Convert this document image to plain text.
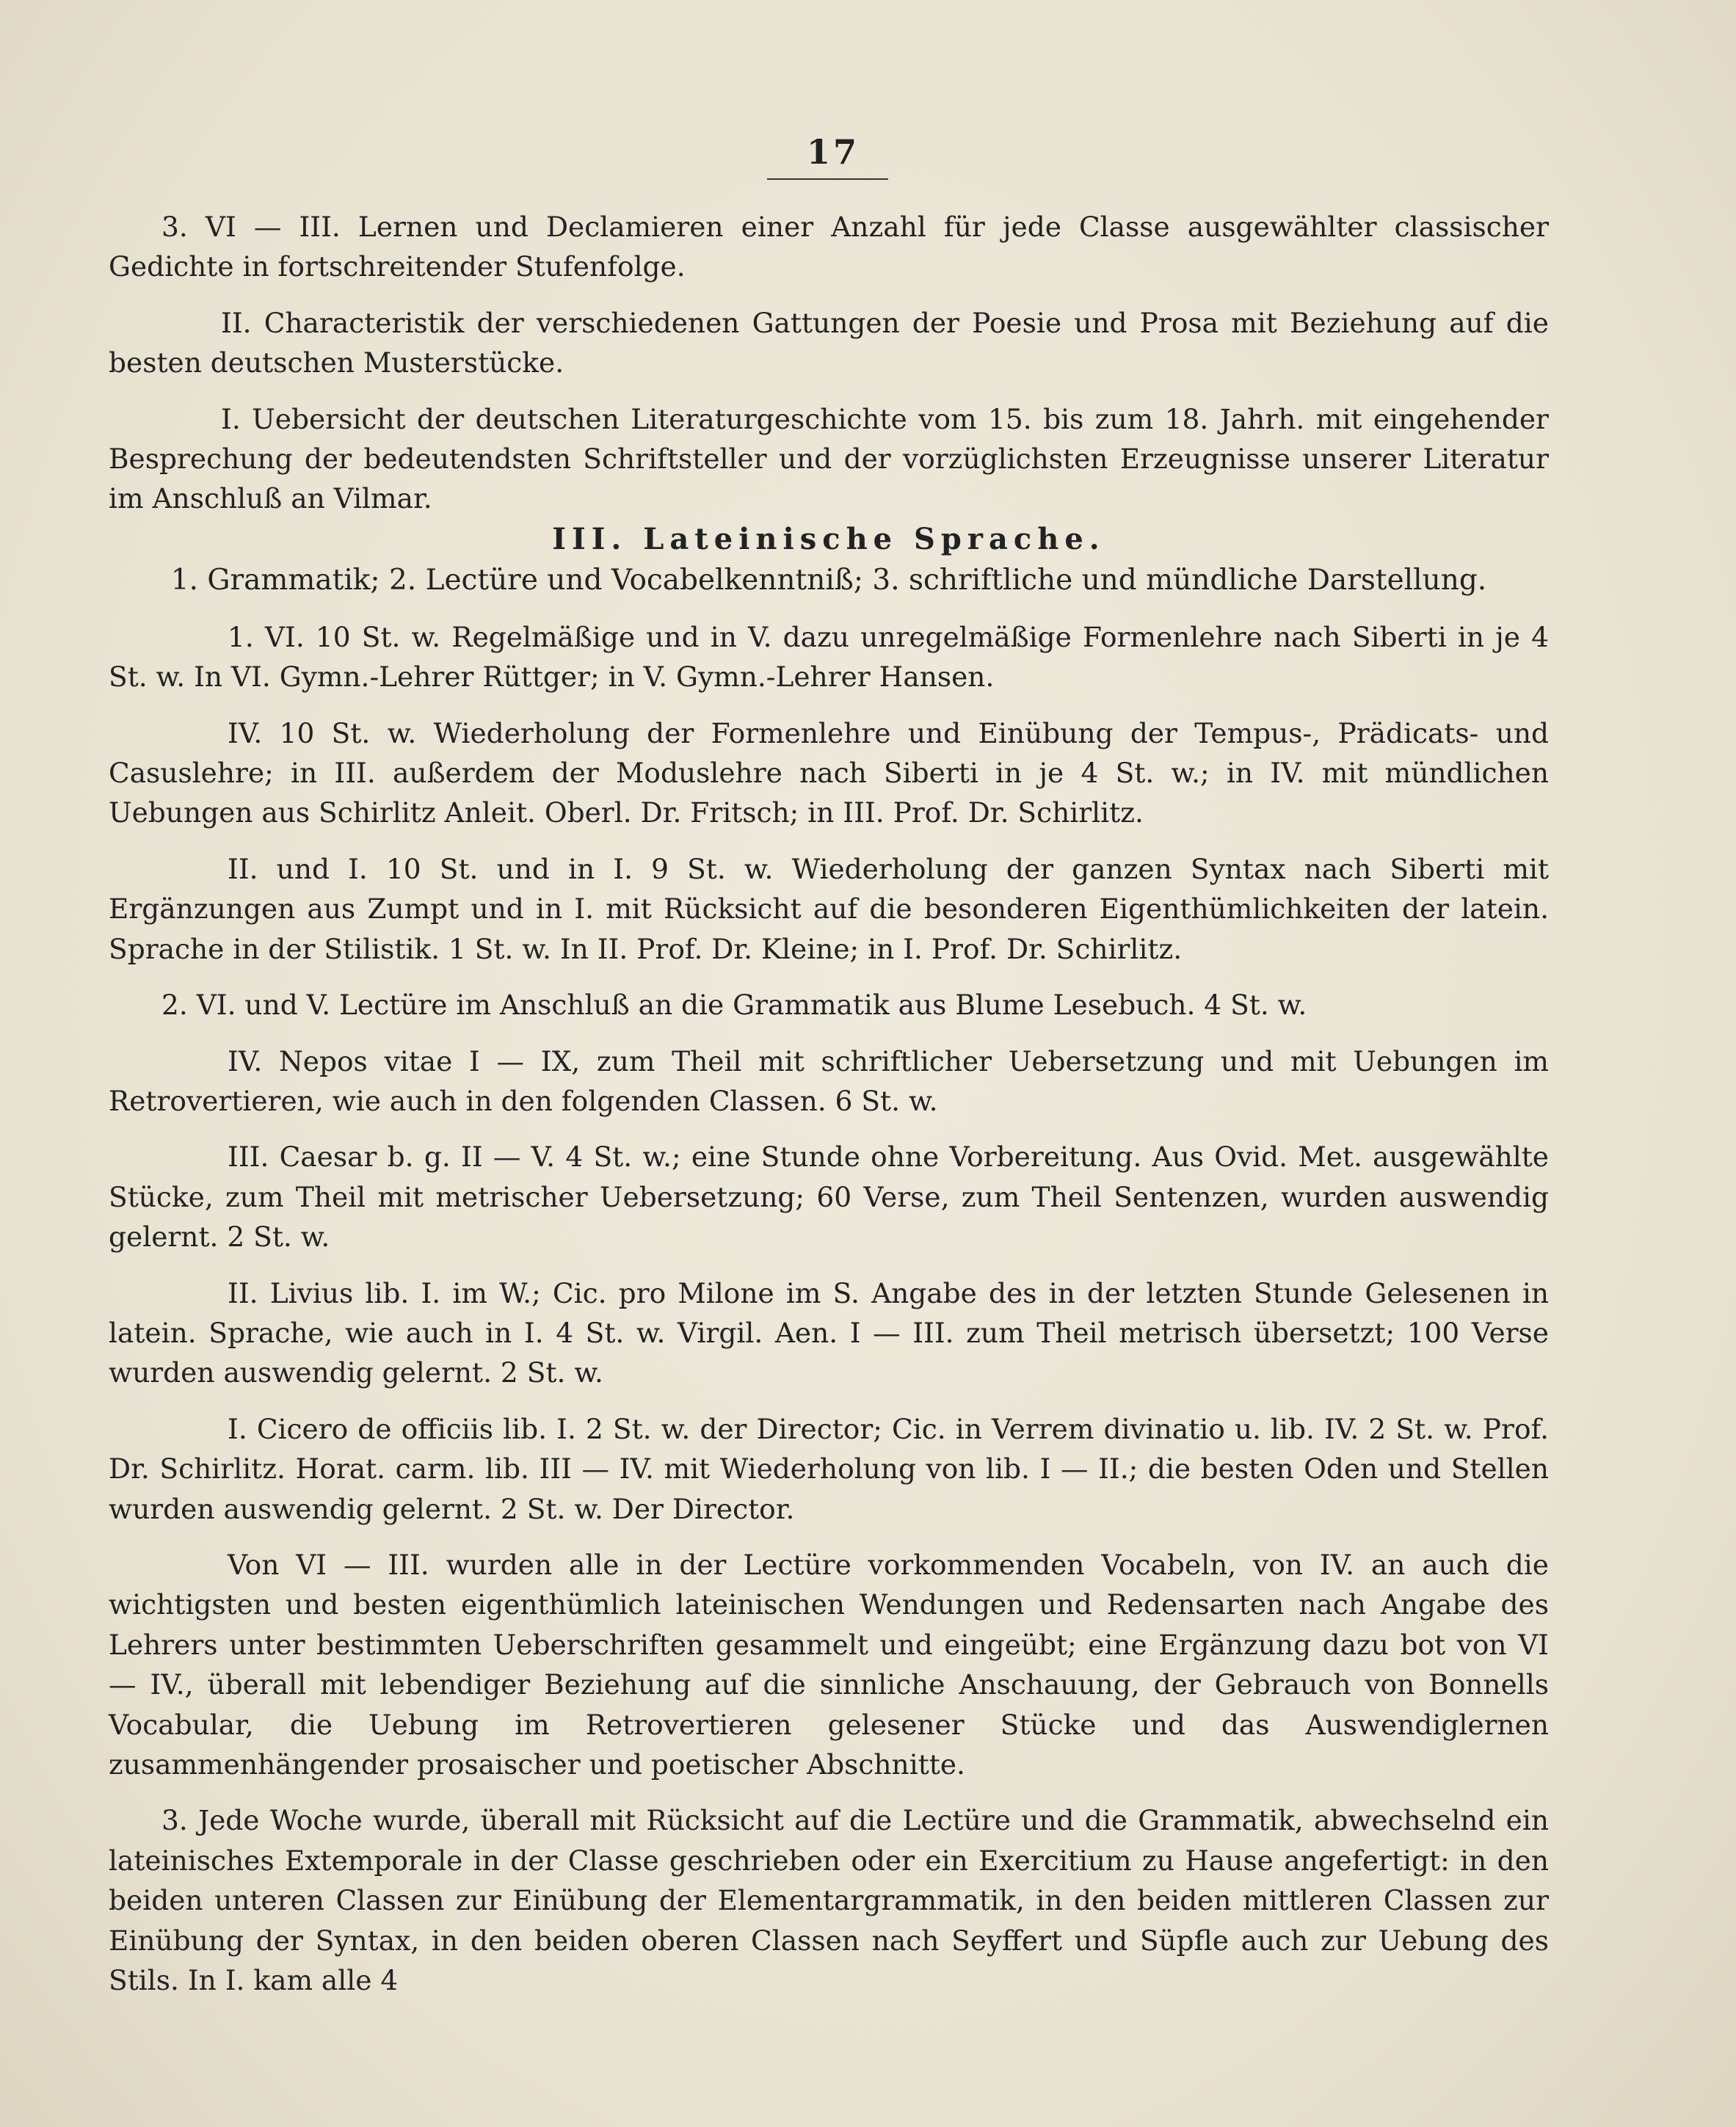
17

3. VI — III. Lernen und Declamieren einer Anzahl für jede Classe ausgewählter classischer Gedichte in fortschreitender Stufenfolge.

II. Characteristik der verschiedenen Gattungen der Poesie und Prosa mit Beziehung auf die besten deutschen Musterstücke.

I. Uebersicht der deutschen Literaturgeschichte vom 15. bis zum 18. Jahrh. mit eingehender Besprechung der bedeutendsten Schriftsteller und der vorzüglichsten Erzeugnisse unserer Literatur im Anschluß an Vilmar.

III. Lateinische Sprache.

1. Grammatik; 2. Lectüre und Vocabelkenntniß; 3. schriftliche und mündliche Darstellung.

1. VI. 10 St. w. Regelmäßige und in V. dazu unregelmäßige Formenlehre nach Siberti in je 4 St. w. In VI. Gymn.-Lehrer Rüttger; in V. Gymn.-Lehrer Hansen.

IV. 10 St. w. Wiederholung der Formenlehre und Einübung der Tempus-, Prädicats- und Casuslehre; in III. außerdem der Moduslehre nach Siberti in je 4 St. w.; in IV. mit mündlichen Uebungen aus Schirlitz Anleit. Oberl. Dr. Fritsch; in III. Prof. Dr. Schirlitz.

II. und I. 10 St. und in I. 9 St. w. Wiederholung der ganzen Syntax nach Siberti mit Ergänzungen aus Zumpt und in I. mit Rücksicht auf die besonderen Eigenthümlichkeiten der latein. Sprache in der Stilistik. 1 St. w. In II. Prof. Dr. Kleine; in I. Prof. Dr. Schirlitz.

2. VI. und V. Lectüre im Anschluß an die Grammatik aus Blume Lesebuch. 4 St. w.

IV. Nepos vitae I — IX, zum Theil mit schriftlicher Uebersetzung und mit Uebungen im Retrovertieren, wie auch in den folgenden Classen. 6 St. w.

III. Caesar b. g. II — V. 4 St. w.; eine Stunde ohne Vorbereitung. Aus Ovid. Met. ausgewählte Stücke, zum Theil mit metrischer Uebersetzung; 60 Verse, zum Theil Sentenzen, wurden auswendig gelernt. 2 St. w.

II. Livius lib. I. im W.; Cic. pro Milone im S. Angabe des in der letzten Stunde Gelesenen in latein. Sprache, wie auch in I. 4 St. w. Virgil. Aen. I — III. zum Theil metrisch übersetzt; 100 Verse wurden auswendig gelernt. 2 St. w.

I. Cicero de officiis lib. I. 2 St. w. der Director; Cic. in Verrem divinatio u. lib. IV. 2 St. w. Prof. Dr. Schirlitz. Horat. carm. lib. III — IV. mit Wiederholung von lib. I — II.; die besten Oden und Stellen wurden auswendig gelernt. 2 St. w. Der Director.

Von VI — III. wurden alle in der Lectüre vorkommenden Vocabeln, von IV. an auch die wichtigsten und besten eigenthümlich lateinischen Wendungen und Redensarten nach Angabe des Lehrers unter bestimmten Ueberschriften gesammelt und eingeübt; eine Ergänzung dazu bot von VI — IV., überall mit lebendiger Beziehung auf die sinnliche Anschauung, der Gebrauch von Bonnells Vocabular, die Uebung im Retrovertieren gelesener Stücke und das Auswendiglernen zusammenhängender prosaischer und poetischer Abschnitte.

3. Jede Woche wurde, überall mit Rücksicht auf die Lectüre und die Grammatik, abwechselnd ein lateinisches Extemporale in der Classe geschrieben oder ein Exercitium zu Hause angefertigt: in den beiden unteren Classen zur Einübung der Elementargrammatik, in den beiden mittleren Classen zur Einübung der Syntax, in den beiden oberen Classen nach Seyffert und Süpfle auch zur Uebung des Stils. In I. kam alle 4
